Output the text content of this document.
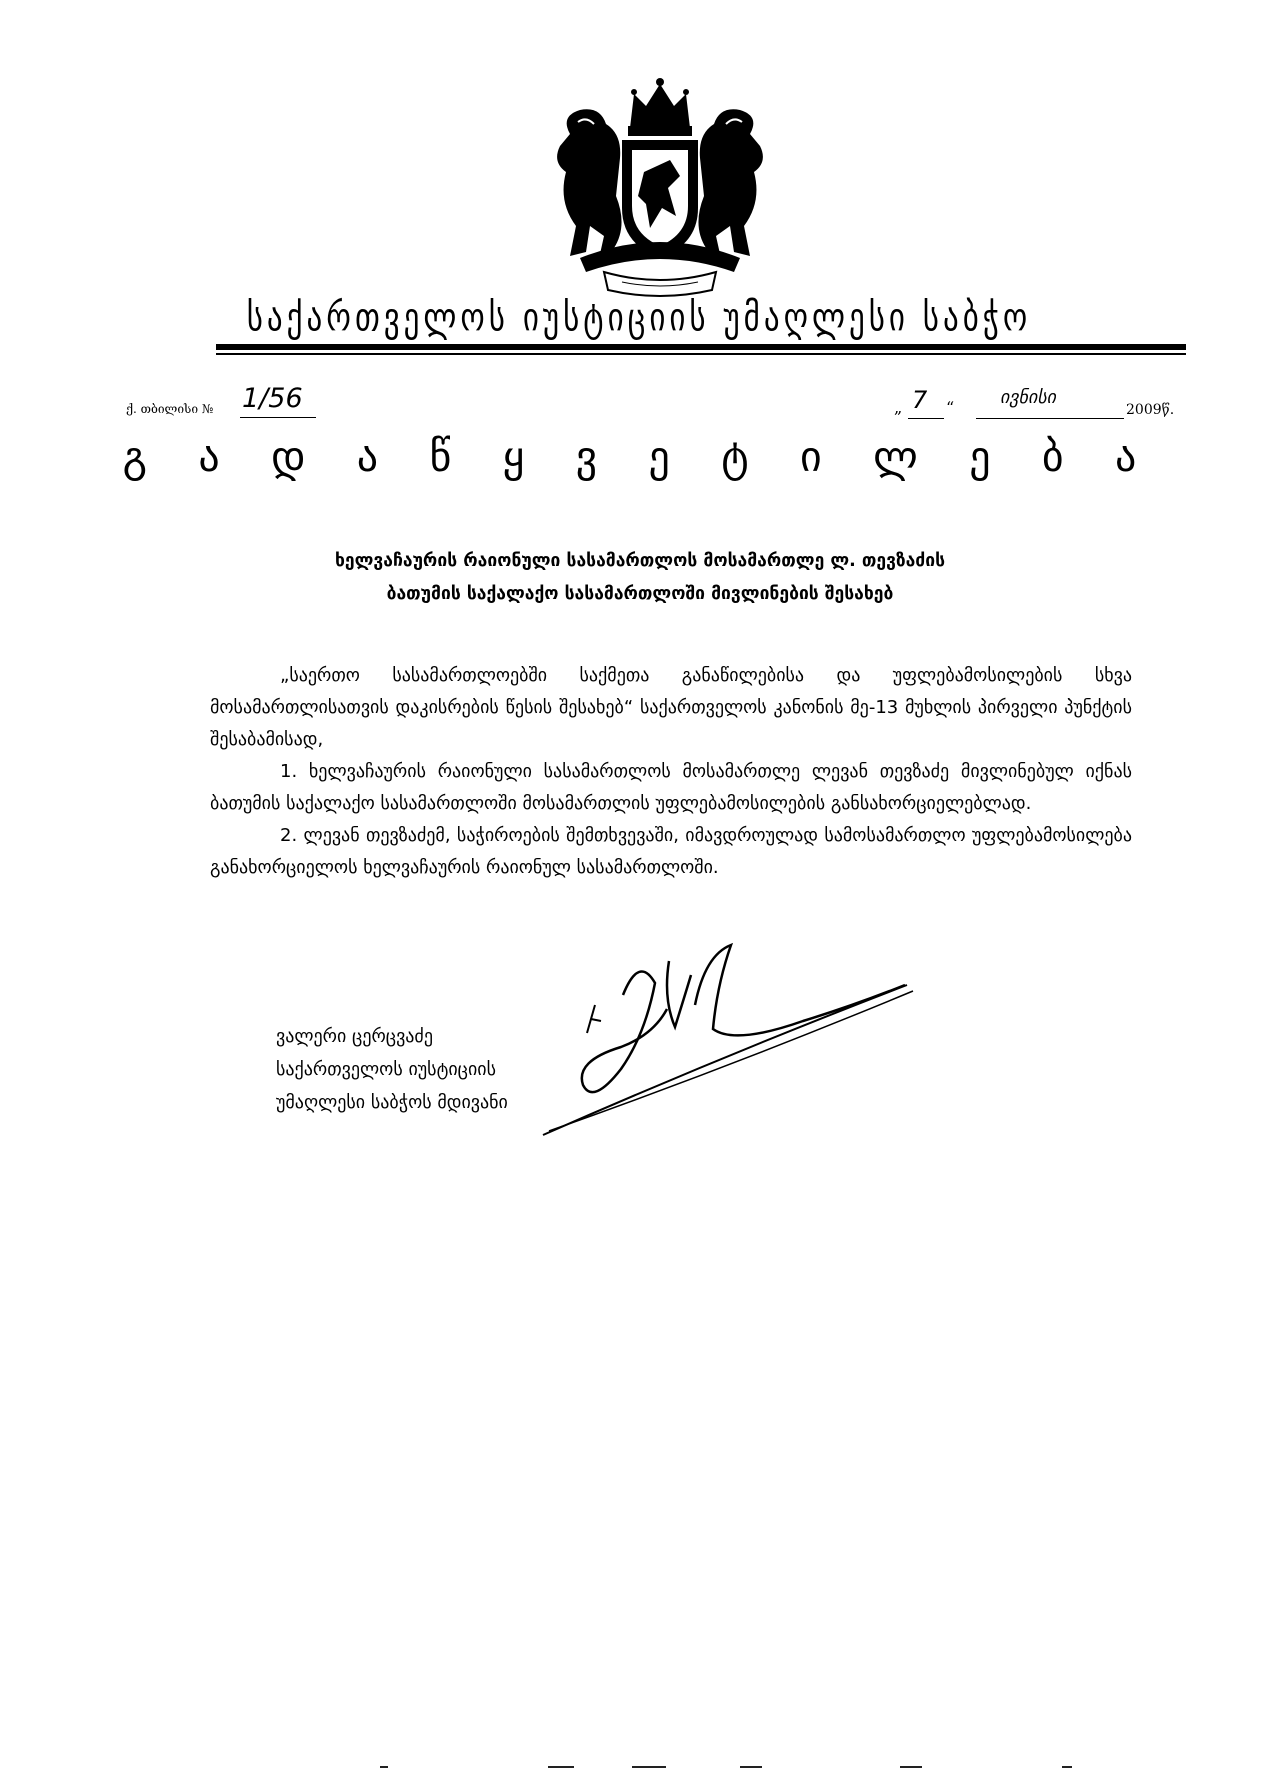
საქართველოს იუსტიციის უმაღლესი საბჭო
ქ. თბილისი № 1/56	„ 7 “	ივნისი
2009წ.
გ ა დ ა წ ყ ვ ე ტ ი ლ ე ბ ა
ხელვაჩაურის რაიონული სასამართლოს მოსამართლე ლ. თევზაძის
ბათუმის საქალაქო სასამართლოში მივლინების შესახებ

„საერთო სასამართლოებში საქმეთა განაწილებისა და უფლებამოსილების სხვა მოსამართლისათვის დაკისრების წესის შესახებ“ საქართველოს კანონის მე-13 მუხლის პირველი პუნქტის შესაბამისად,

1. ხელვაჩაურის რაიონული სასამართლოს მოსამართლე ლევან თევზაძე მივლინებულ იქნას ბათუმის საქალაქო სასამართლოში მოსამართლის უფლებამოსილების განსახორციელებლად.

2. ლევან თევზაძემ, საჭიროების შემთხვევაში, იმავდროულად სამოსამართლო უფლებამოსილება განახორციელოს ხელვაჩაურის რაიონულ სასამართლოში.

ვალერი ცერცვაძე
საქართველოს იუსტიციის
უმაღლესი საბჭოს მდივანი
